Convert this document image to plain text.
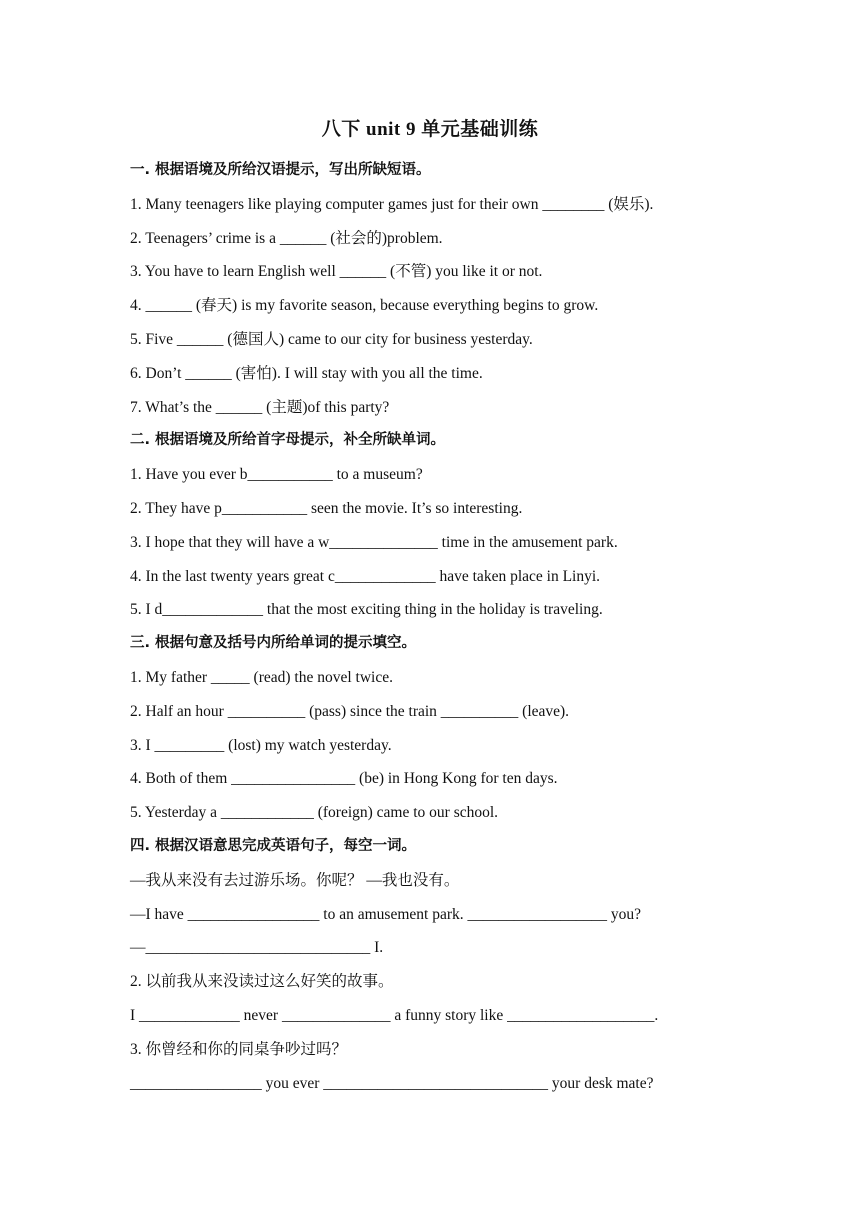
八下 unit 9 单元基础训练
一. 根据语境及所给汉语提示，写出所缺短语。
1. Many teenagers like playing computer games just for their own ________ (娱乐).
2. Teenagers’ crime is a ______ (社会的)problem.
3. You have to learn English well ______ (不管) you like it or not.
4. ______ (春天) is my favorite season, because everything begins to grow.
5. Five ______ (德国人) came to our city for business yesterday.
6. Don’t ______ (害怕). I will stay with you all the time.
7. What’s the ______ (主题)of this party?
二. 根据语境及所给首字母提示，补全所缺单词。
1. Have you ever b___________ to a museum?
2. They have p___________ seen the movie. It’s so interesting.
3. I hope that they will have a w______________ time in the amusement park.
4. In the last twenty years great c_____________ have taken place in Linyi.
5. I d_____________ that the most exciting thing in the holiday is traveling.
三. 根据句意及括号内所给单词的提示填空。
1. My father _____ (read) the novel twice.
2. Half an hour __________ (pass) since the train __________ (leave).
3. I _________ (lost) my watch yesterday.
4. Both of them ________________ (be) in Hong Kong for ten days.
5. Yesterday a ____________ (foreign) came to our school.
四. 根据汉语意思完成英语句子，每空一词。
—我从来没有去过游乐场。你呢？ —我也没有。
—I have _________________ to an amusement park. __________________ you?
—_____________________________ I.
2. 以前我从来没读过这么好笑的故事。
I _____________ never ______________ a funny story like ___________________.
3. 你曾经和你的同桌争吵过吗？
_________________ you ever _____________________________ your desk mate?
